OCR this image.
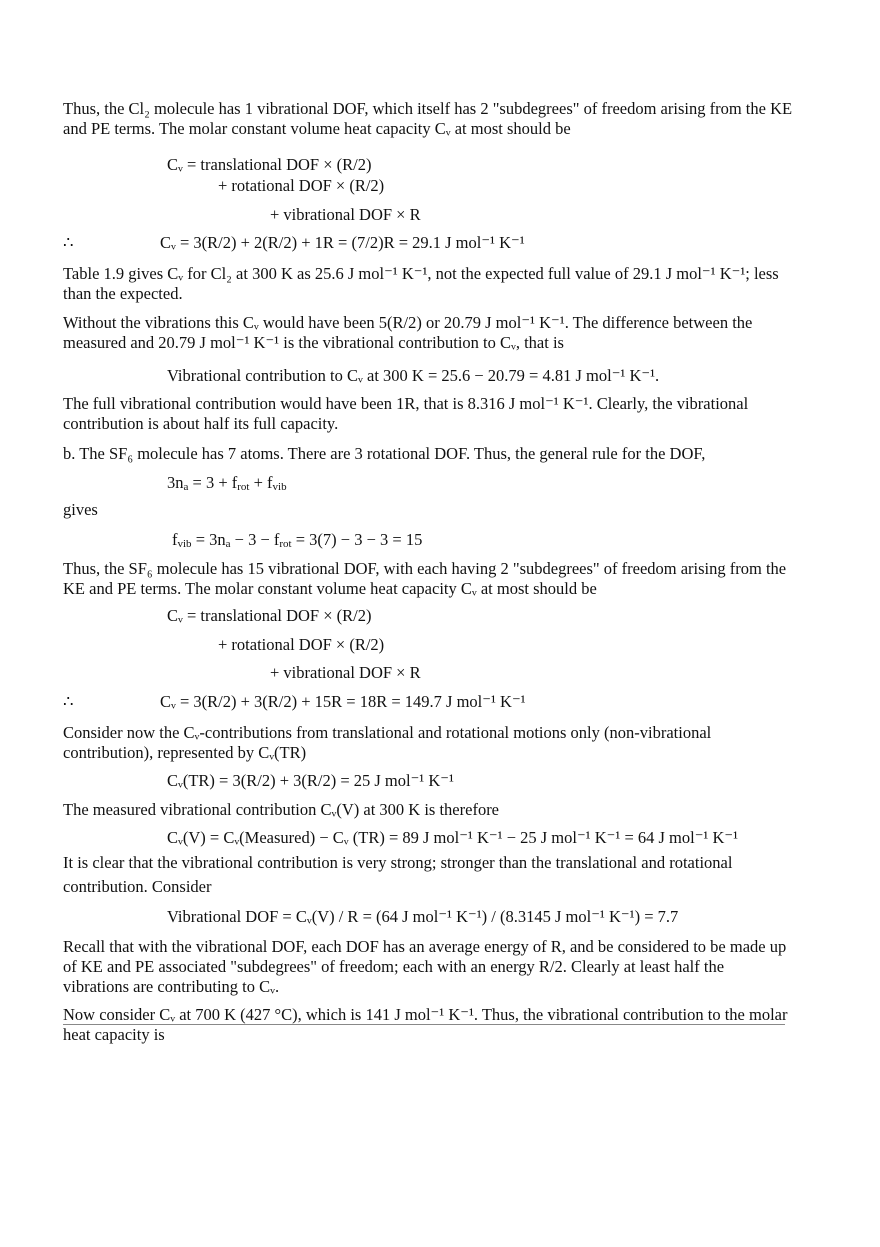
Thus, the Cl₂ molecule has 1 vibrational DOF, which itself has 2 "subdegrees" of freedom arising from the KE and PE terms. The molar constant volume heat capacity Cᵥ at most should be

Cᵥ = translational DOF × (R/2)
+ rotational DOF × (R/2)
+ vibrational DOF × R
∴	Cᵥ = 3(R/2) + 2(R/2) + 1R = (7/2)R = 29.1 J mol⁻¹ K⁻¹

Table 1.9 gives Cᵥ for Cl₂ at 300 K as 25.6 J mol⁻¹ K⁻¹, not the expected full value of 29.1 J mol⁻¹ K⁻¹; less than the expected.

Without the vibrations this Cᵥ would have been 5(R/2) or 20.79 J mol⁻¹ K⁻¹. The difference between the measured and 20.79 J mol⁻¹ K⁻¹ is the vibrational contribution to Cᵥ, that is

Vibrational contribution to Cᵥ at 300 K = 25.6 − 20.79 = 4.81 J mol⁻¹ K⁻¹.

The full vibrational contribution would have been 1R, that is 8.316 J mol⁻¹ K⁻¹. Clearly, the vibrational contribution is about half its full capacity.

b. The SF₆ molecule has 7 atoms. There are 3 rotational DOF. Thus, the general rule for the DOF,

3na = 3 + frot + fvib
gives
fvib = 3na − 3 − frot = 3(7) − 3 − 3 = 15

Thus, the SF₆ molecule has 15 vibrational DOF, with each having 2 "subdegrees" of freedom arising from the KE and PE terms. The molar constant volume heat capacity Cᵥ at most should be

Cᵥ = translational DOF × (R/2)
+ rotational DOF × (R/2)
+ vibrational DOF × R
∴	Cᵥ = 3(R/2) + 3(R/2) + 15R = 18R = 149.7 J mol⁻¹ K⁻¹

Consider now the Cᵥ-contributions from translational and rotational motions only (non-vibrational contribution), represented by Cᵥ(TR)

Cᵥ(TR) = 3(R/2) + 3(R/2) = 25 J mol⁻¹ K⁻¹

The measured vibrational contribution Cᵥ(V) at 300 K is therefore

Cᵥ(V) = Cᵥ(Measured) − Cᵥ (TR) = 89 J mol⁻¹ K⁻¹ − 25 J mol⁻¹ K⁻¹ = 64 J mol⁻¹ K⁻¹
It is clear that the vibrational contribution is very strong; stronger than the translational and rotational
contribution. Consider
Vibrational DOF = Cᵥ(V) / R = (64 J mol⁻¹ K⁻¹) / (8.3145 J mol⁻¹ K⁻¹) = 7.7

Recall that with the vibrational DOF, each DOF has an average energy of R, and be considered to be made up of KE and PE associated "subdegrees" of freedom; each with an energy R/2. Clearly at least half the vibrations are contributing to Cᵥ.

Now consider Cᵥ at 700 K (427 °C), which is 141 J mol⁻¹ K⁻¹. Thus, the vibrational contribution to the molar heat capacity is
